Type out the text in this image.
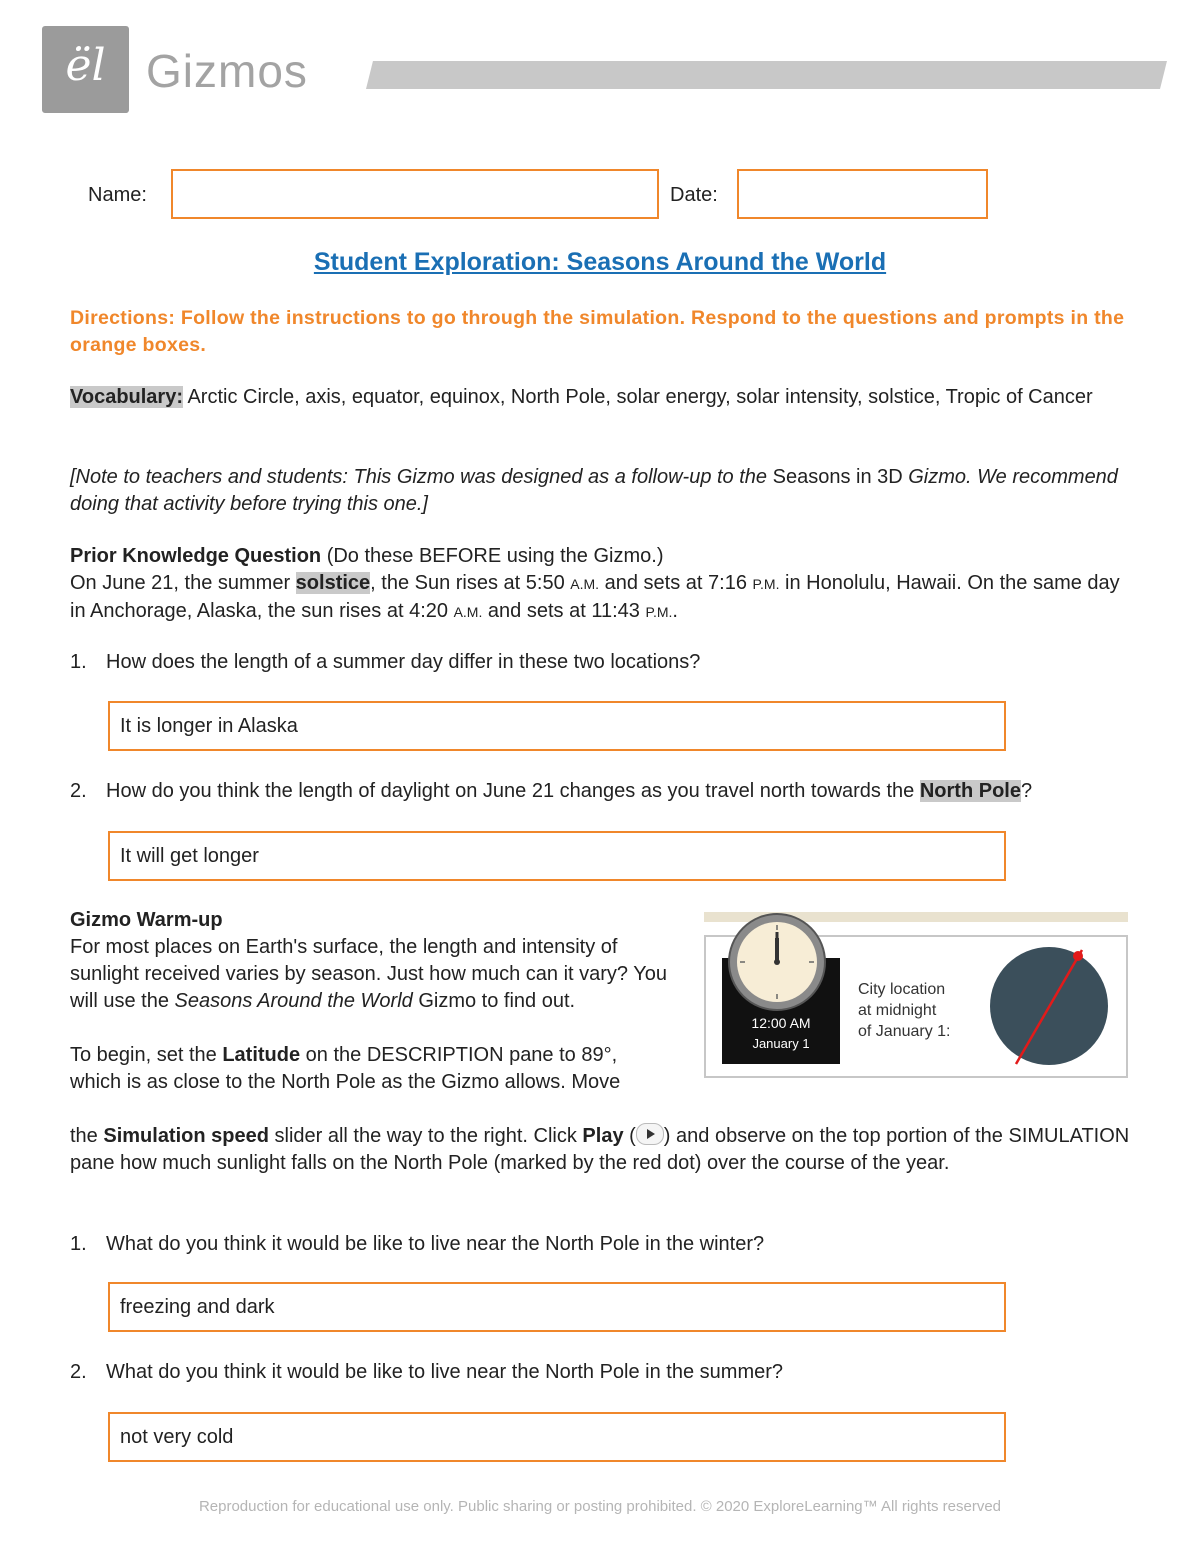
ël Gizmos
Name:	Date:
Student Exploration: Seasons Around the World
Directions: Follow the instructions to go through the simulation. Respond to the questions and prompts in the orange boxes.
Vocabulary: Arctic Circle, axis, equator, equinox, North Pole, solar energy, solar intensity, solstice, Tropic of Cancer
[Note to teachers and students: This Gizmo was designed as a follow-up to the Seasons in 3D Gizmo. We recommend doing that activity before trying this one.]
Prior Knowledge Question (Do these BEFORE using the Gizmo.)
On June 21, the summer solstice, the Sun rises at 5:50 A.M. and sets at 7:16 P.M. in Honolulu, Hawaii. On the same day in Anchorage, Alaska, the sun rises at 4:20 A.M. and sets at 11:43 P.M..
1. How does the length of a summer day differ in these two locations?
It is longer in Alaska
2. How do you think the length of daylight on June 21 changes as you travel north towards the North Pole?
It will get longer
Gizmo Warm-up
For most places on Earth's surface, the length and intensity of sunlight received varies by season. Just how much can it vary? You will use the Seasons Around the World Gizmo to find out.

To begin, set the Latitude on the DESCRIPTION pane to 89°, which is as close to the North Pole as the Gizmo allows. Move
the Simulation speed slider all the way to the right. Click Play ( ) and observe on the top portion of the SIMULATION pane how much sunlight falls on the North Pole (marked by the red dot) over the course of the year.
12:00 AM
January 1
City location
at midnight
of January 1:
1. What do you think it would be like to live near the North Pole in the winter?
freezing and dark
2. What do you think it would be like to live near the North Pole in the summer?
not very cold
Reproduction for educational use only. Public sharing or posting prohibited. © 2020 ExploreLearning™ All rights reserved
